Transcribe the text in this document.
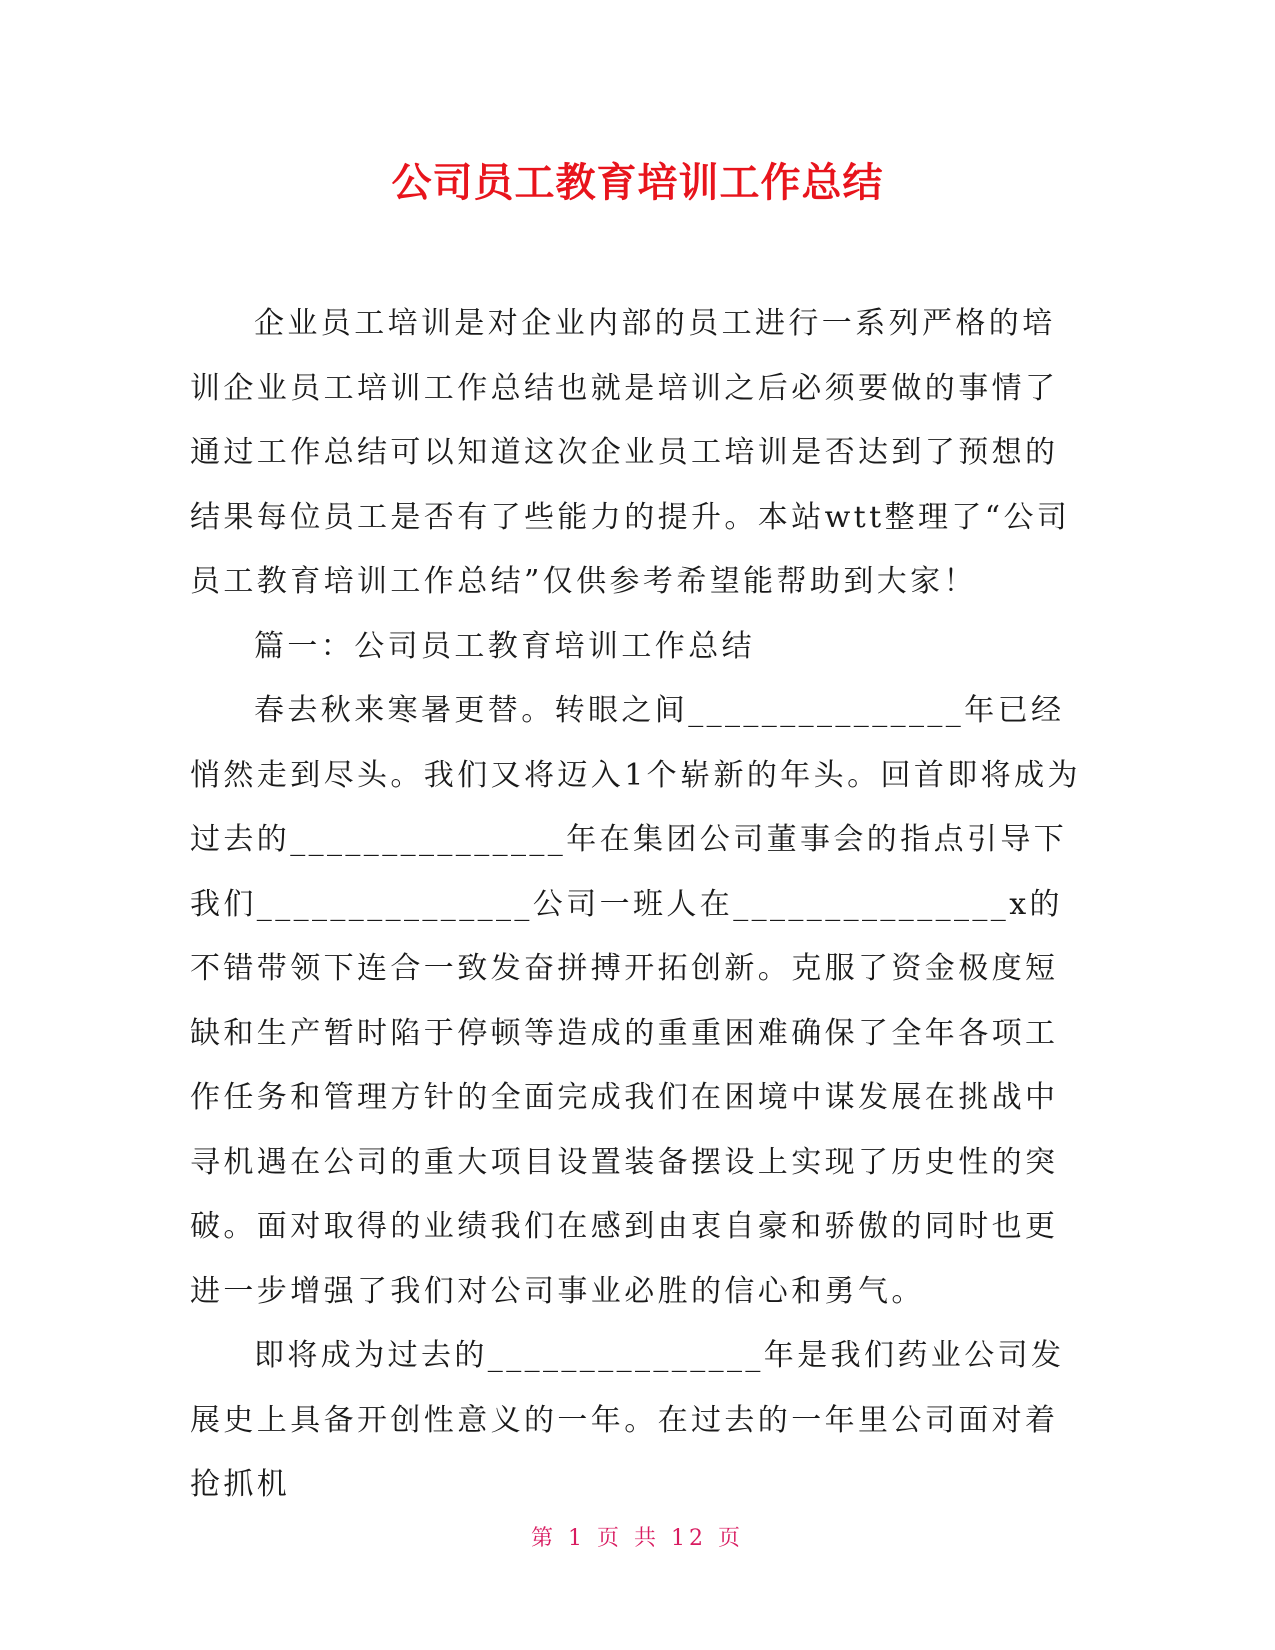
公司员工教育培训工作总结

企业员工培训是对企业内部的员工进行一系列严格的培训企业员工培训工作总结也就是培训之后必须要做的事情了通过工作总结可以知道这次企业员工培训是否达到了预想的结果每位员工是否有了些能力的提升。本站wtt整理了“公司员工教育培训工作总结”仅供参考希望能帮助到大家！

篇一：公司员工教育培训工作总结

春去秋来寒暑更替。转眼之间_______________年已经悄然走到尽头。我们又将迈入1个崭新的年头。回首即将成为过去的_______________年在集团公司董事会的指点引导下我们_______________公司一班人在_______________x的不错带领下连合一致发奋拼搏开拓创新。克服了资金极度短缺和生产暂时陷于停顿等造成的重重困难确保了全年各项工作任务和管理方针的全面完成我们在困境中谋发展在挑战中寻机遇在公司的重大项目设置装备摆设上实现了历史性的突破。面对取得的业绩我们在感到由衷自豪和骄傲的同时也更进一步增强了我们对公司事业必胜的信心和勇气。

即将成为过去的_______________年是我们药业公司发展史上具备开创性意义的一年。在过去的一年里公司面对着抢抓机

第 1 页 共 12 页
